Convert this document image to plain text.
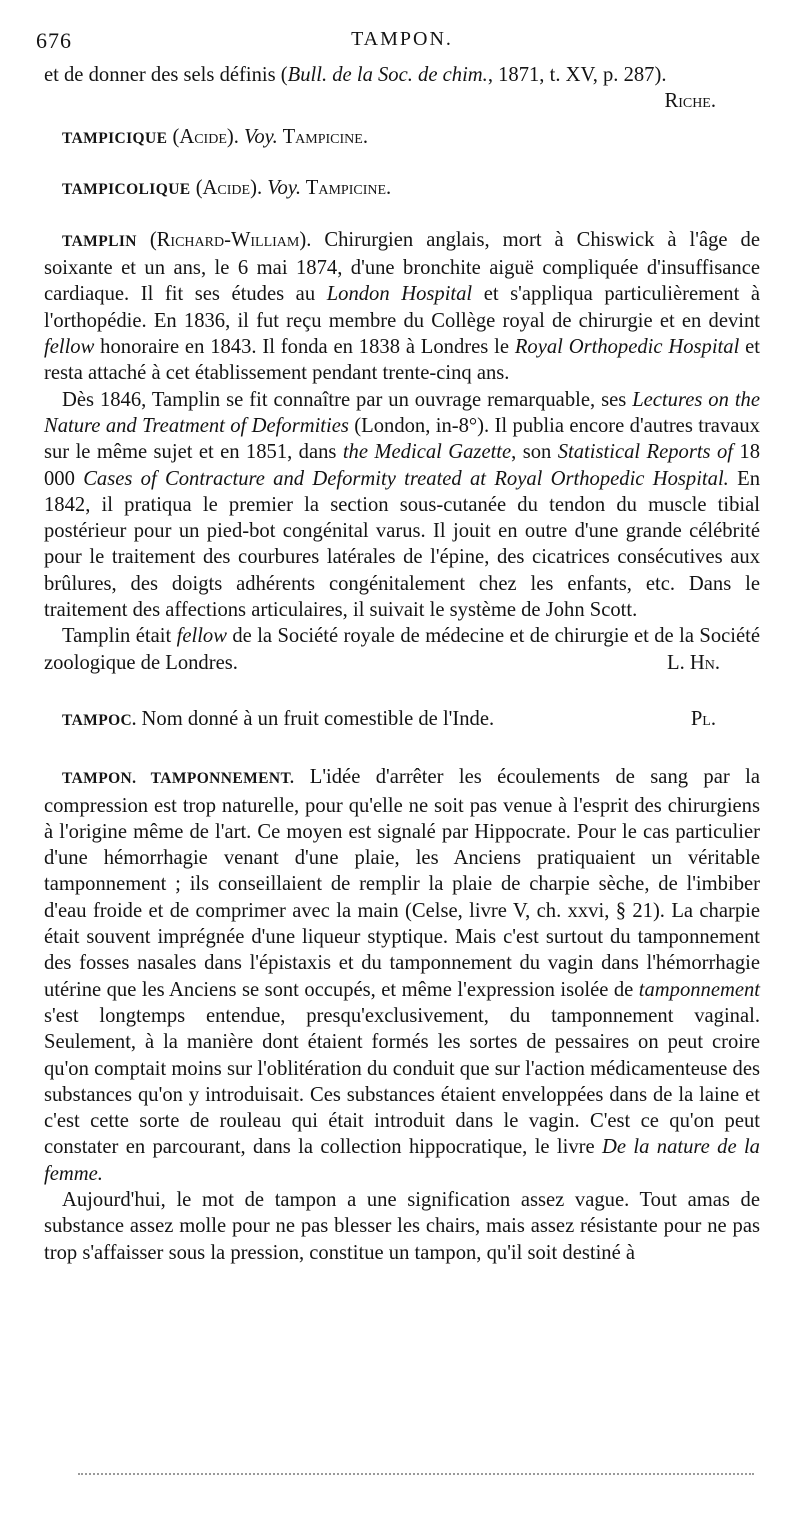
676	TAMPON.

et de donner des sels définis (Bull. de la Soc. de chim., 1871, t. XV, p. 287).
Riche.

TAMPICIQUE (Acide). Voy. Tampicine.

TAMPICOLIQUE (Acide). Voy. Tampicine.

TAMPLIN (Richard-William). Chirurgien anglais, mort à Chiswick à l'âge de soixante et un ans, le 6 mai 1874, d'une bronchite aiguë compliquée d'insuffisance cardiaque. Il fit ses études au London Hospital et s'appliqua particulièrement à l'orthopédie. En 1836, il fut reçu membre du Collège royal de chirurgie et en devint fellow honoraire en 1843. Il fonda en 1838 à Londres le Royal Orthopedic Hospital et resta attaché à cet établissement pendant trente-cinq ans.

Dès 1846, Tamplin se fit connaître par un ouvrage remarquable, ses Lectures on the Nature and Treatment of Deformities (London, in-8°). Il publia encore d'autres travaux sur le même sujet et en 1851, dans the Medical Gazette, son Statistical Reports of 18 000 Cases of Contracture and Deformity treated at Royal Orthopedic Hospital. En 1842, il pratiqua le premier la section sous-cutanée du tendon du muscle tibial postérieur pour un pied-bot congénital varus. Il jouit en outre d'une grande célébrité pour le traitement des courbures latérales de l'épine, des cicatrices consécutives aux brûlures, des doigts adhérents congénitalement chez les enfants, etc. Dans le traitement des affections articulaires, il suivait le système de John Scott.

Tamplin était fellow de la Société royale de médecine et de chirurgie et de la Société zoologique de Londres.	L. Hn.

TAMPOC. Nom donné à un fruit comestible de l'Inde.	Pl.

TAMPON. TAMPONNEMENT. L'idée d'arrêter les écoulements de sang par la compression est trop naturelle, pour qu'elle ne soit pas venue à l'esprit des chirurgiens à l'origine même de l'art. Ce moyen est signalé par Hippocrate. Pour le cas particulier d'une hémorrhagie venant d'une plaie, les Anciens pratiquaient un véritable tamponnement ; ils conseillaient de remplir la plaie de charpie sèche, de l'imbiber d'eau froide et de comprimer avec la main (Celse, livre V, ch. xxvi, § 21). La charpie était souvent imprégnée d'une liqueur styptique. Mais c'est surtout du tamponnement des fosses nasales dans l'épistaxis et du tamponnement du vagin dans l'hémorrhagie utérine que les Anciens se sont occupés, et même l'expression isolée de tamponnement s'est longtemps entendue, presqu'exclusivement, du tamponnement vaginal. Seulement, à la manière dont étaient formés les sortes de pessaires on peut croire qu'on comptait moins sur l'oblitération du conduit que sur l'action médicamenteuse des substances qu'on y introduisait. Ces substances étaient enveloppées dans de la laine et c'est cette sorte de rouleau qui était introduit dans le vagin. C'est ce qu'on peut constater en parcourant, dans la collection hippocratique, le livre De la nature de la femme.

Aujourd'hui, le mot de tampon a une signification assez vague. Tout amas de substance assez molle pour ne pas blesser les chairs, mais assez résistante pour ne pas trop s'affaisser sous la pression, constitue un tampon, qu'il soit destiné à
